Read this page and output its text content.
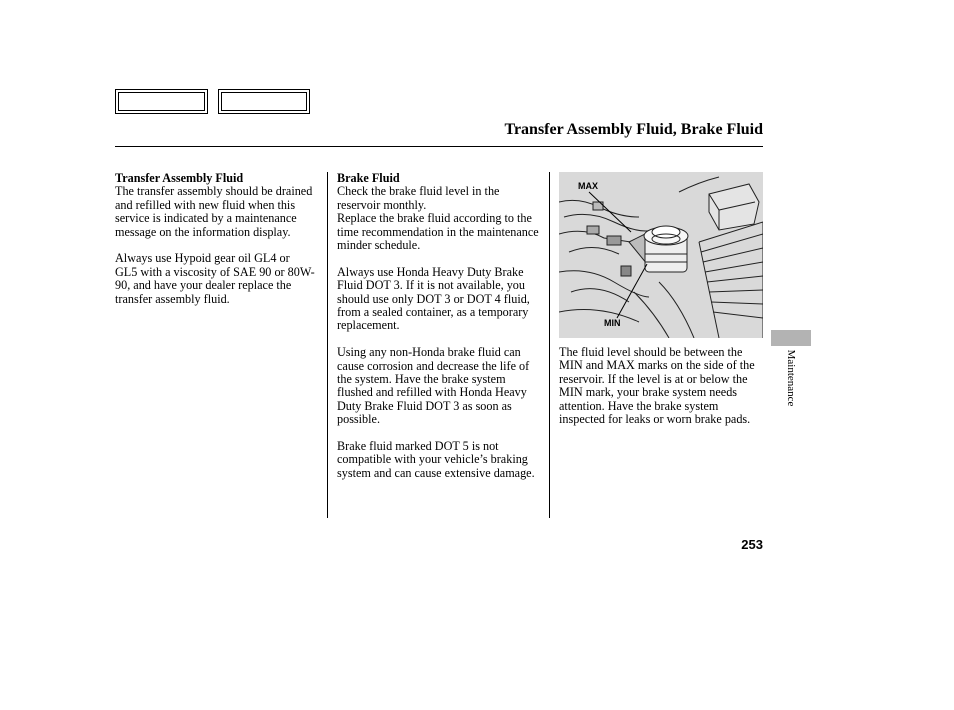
Transfer Assembly Fluid, Brake Fluid
Transfer Assembly Fluid

The transfer assembly should be drained and refilled with new fluid when this service is indicated by a maintenance message on the information display.

Always use Hypoid gear oil GL4 or GL5 with a viscosity of SAE 90 or 80W-90, and have your dealer replace the transfer assembly fluid.

Brake Fluid

Check the brake fluid level in the reservoir monthly.

Replace the brake fluid according to the time recommendation in the maintenance minder schedule.

Always use Honda Heavy Duty Brake Fluid DOT 3. If it is not available, you should use only DOT 3 or DOT 4 fluid, from a sealed container, as a temporary replacement.

Using any non-Honda brake fluid can cause corrosion and decrease the life of the system. Have the brake system flushed and refilled with Honda Heavy Duty Brake Fluid DOT 3 as soon as possible.

Brake fluid marked DOT 5 is not compatible with your vehicle’s braking system and can cause extensive damage.

MAX
MIN

The fluid level should be between the MIN and MAX marks on the side of the reservoir. If the level is at or below the MIN mark, your brake system needs attention. Have the brake system inspected for leaks or worn brake pads.

Maintenance
253
